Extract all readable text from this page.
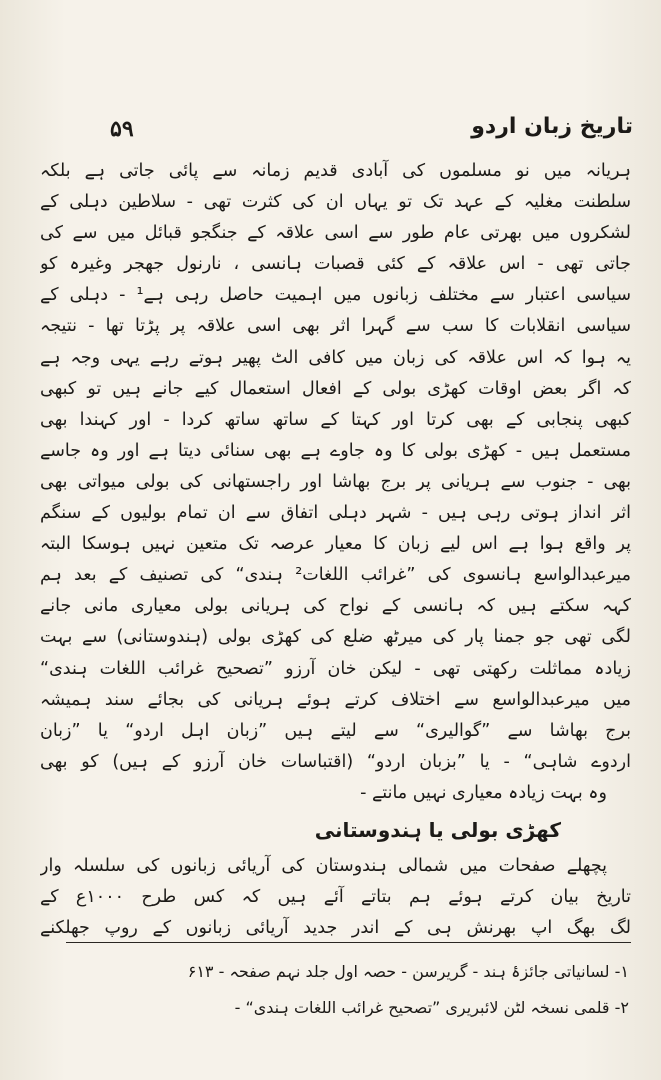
۵۹	تاریخ زبان اردو
ہریانہ میں نو مسلموں کی آبادی قدیم زمانہ سے پائی جاتی ہے بلکہ
سلطنت مغلیہ کے عہد تک تو یہاں ان کی کثرت تھی - سلاطین دہلی کے
لشکروں میں بھرتی عام طور سے اسی علاقہ کے جنگجو قبائل میں سے کی
جاتی تھی - اس علاقہ کے کئی قصبات ہانسی ، نارنول جھجر وغیرہ کو
سیاسی اعتبار سے مختلف زبانوں میں اہمیت حاصل رہی ہے¹ - دہلی کے
سیاسی انقلابات کا سب سے گہرا اثر بھی اسی علاقہ پر پڑتا تھا - نتیجہ
یہ ہوا کہ اس علاقہ کی زبان میں کافی الٹ پھیر ہوتے رہے یہی وجہ ہے
کہ اگر بعض اوقات کھڑی بولی کے افعال استعمال کیے جانے ہیں تو کبھی
کبھی پنجابی کے بھی کرتا اور کہتا کے ساتھ ساتھ کردا - اور کہندا بھی
مستعمل ہیں - کھڑی بولی کا وہ جاوے ہے بھی سنائی دیتا ہے اور وہ جاسے
بھی - جنوب سے ہریانی پر برج بھاشا اور راجستھانی کی بولی میواتی بھی
اثر انداز ہوتی رہی ہیں - شہر دہلی اتفاق سے ان تمام بولیوں کے سنگم
پر واقع ہوا ہے اس لیے زبان کا معیار عرصہ تک متعین نہیں ہوسکا البتہ
میرعبدالواسع ہانسوی کی ”غرائب اللغات² ہندی“ کی تصنیف کے بعد ہم
کہہ سکتے ہیں کہ ہانسی کے نواح کی ہریانی بولی معیاری مانی جانے
لگی تھی جو جمنا پار کی میرٹھ ضلع کی کھڑی بولی (ہندوستانی) سے بہت
زیادہ مماثلت رکھتی تھی - لیکن خان آرزو ”تصحیح غرائب اللغات ہندی“
میں میرعبدالواسع سے اختلاف کرتے ہوئے ہریانی کی بجائے سند ہمیشہ
برج بھاشا سے ”گوالیری“ سے لیتے ہیں ”زبان اہل اردو“ یا ”زبان
اردوے شاہی“ - یا ”بزبان اردو“ (اقتباسات خان آرزو کے ہیں) کو بھی
وہ بہت زیادہ معیاری نہیں مانتے -
کھڑی بولی یا ہندوستانی
پچھلے صفحات میں شمالی ہندوستان کی آریائی زبانوں کی سلسلہ وار
تاریخ بیان کرتے ہوئے ہم بتاتے آئے ہیں کہ کس طرح ۱۰۰۰ع کے
لگ بھگ اپ بھرنش ہی کے اندر جدید آریائی زبانوں کے روپ جھلکنے
۱- لسانیاتی جائزۂ ہند - گریرسن - حصہ اول جلد نہم صفحہ - ۶۱۳
۲- قلمی نسخہ لٹن لائبریری ”تصحیح غرائب اللغات ہندی“ -
